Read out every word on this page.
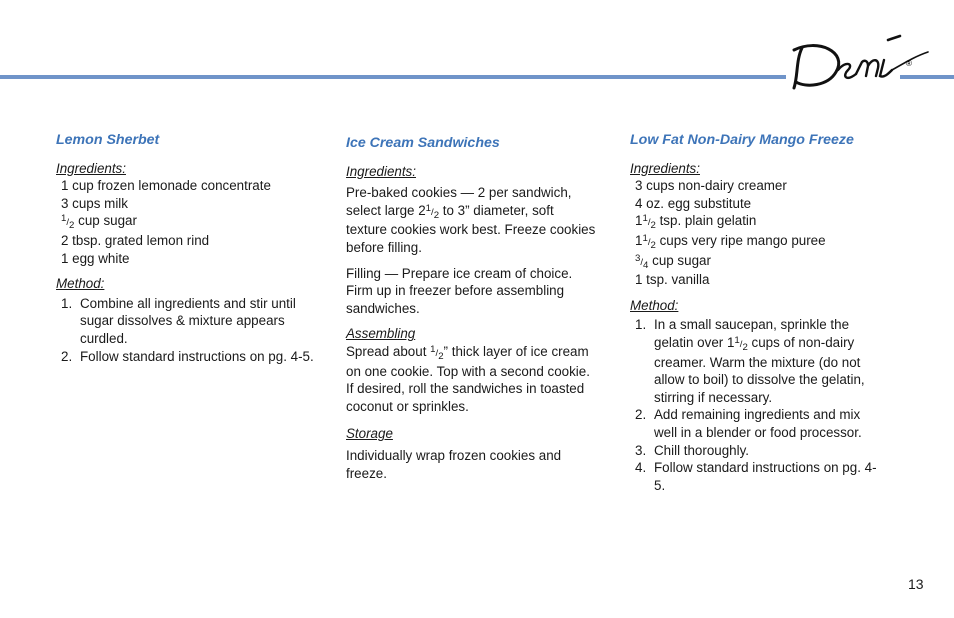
®
Lemon Sherbet
Ingredients:
1 cup frozen lemonade concentrate
3 cups milk
$^1/_2$ cup sugar
2 tbsp. grated lemon rind
1 egg white
Method:
1. Combine all ingredients and stir until sugar dissolves & mixture appears curdled.
2. Follow standard instructions on pg. 4-5.
Ice Cream Sandwiches
Ingredients:
Pre-baked cookies — 2 per sandwich, select large $2^1/_2$ to 3” diameter, soft texture cookies work best. Freeze cookies before filling.
Filling — Prepare ice cream of choice. Firm up in freezer before assembling sandwiches.
Assembling
Spread about $^1/_2$” thick layer of ice cream on one cookie. Top with a second cookie. If desired, roll the sandwiches in toasted coconut or sprinkles.
Storage
Individually wrap frozen cookies and freeze.
Low Fat Non-Dairy Mango Freeze
Ingredients:
3 cups non-dairy creamer
4 oz. egg substitute
$1^1/_2$ tsp. plain gelatin
$1^1/_2$ cups very ripe mango puree
$^3/_4$ cup sugar
1 tsp. vanilla
Method:
1. In a small saucepan, sprinkle the gelatin over $1^1/_2$ cups of non-dairy creamer. Warm the mixture (do not allow to boil) to dissolve the gelatin, stirring if necessary.
2. Add remaining ingredients and mix well in a blender or food processor.
3. Chill thoroughly.
4. Follow standard instructions on pg. 4-5.
13
